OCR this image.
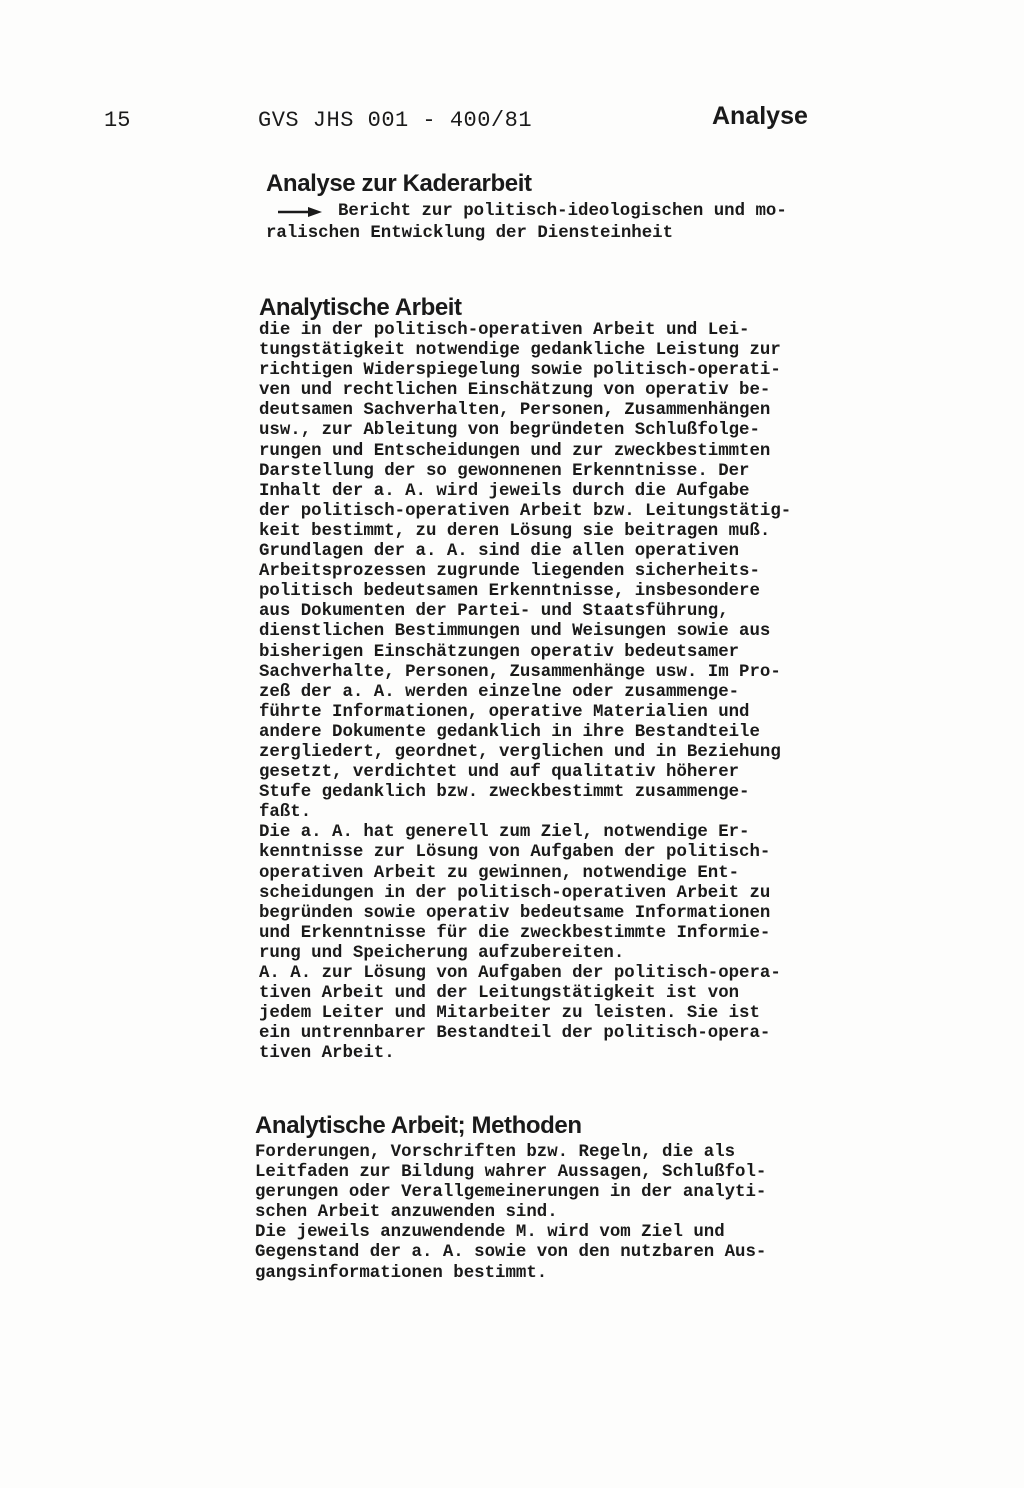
15	GVS JHS 001 - 400/81	Analyse
Analyse zur Kaderarbeit
Bericht zur politisch-ideologischen und mo-
ralischen Entwicklung der Diensteinheit
Analytische Arbeit

die in der politisch-operativen Arbeit und Lei-
tungstätigkeit notwendige gedankliche Leistung zur
richtigen Widerspiegelung sowie politisch-operati-
ven und rechtlichen Einschätzung von operativ be-
deutsamen Sachverhalten, Personen, Zusammenhängen
usw., zur Ableitung von begründeten Schlußfolge-
rungen und Entscheidungen und zur zweckbestimmten
Darstellung der so gewonnenen Erkenntnisse. Der
Inhalt der a. A. wird jeweils durch die Aufgabe
der politisch-operativen Arbeit bzw. Leitungstätig-
keit bestimmt, zu deren Lösung sie beitragen muß.
Grundlagen der a. A. sind die allen operativen
Arbeitsprozessen zugrunde liegenden sicherheits-
politisch bedeutsamen Erkenntnisse, insbesondere
aus Dokumenten der Partei- und Staatsführung,
dienstlichen Bestimmungen und Weisungen sowie aus
bisherigen Einschätzungen operativ bedeutsamer
Sachverhalte, Personen, Zusammenhänge usw. Im Pro-
zeß der a. A. werden einzelne oder zusammenge-
führte Informationen, operative Materialien und
andere Dokumente gedanklich in ihre Bestandteile
zergliedert, geordnet, verglichen und in Beziehung
gesetzt, verdichtet und auf qualitativ höherer
Stufe gedanklich bzw. zweckbestimmt zusammenge-
faßt.
Die a. A. hat generell zum Ziel, notwendige Er-
kenntnisse zur Lösung von Aufgaben der politisch-
operativen Arbeit zu gewinnen, notwendige Ent-
scheidungen in der politisch-operativen Arbeit zu
begründen sowie operativ bedeutsame Informationen
und Erkenntnisse für die zweckbestimmte Informie-
rung und Speicherung aufzubereiten.
A. A. zur Lösung von Aufgaben der politisch-opera-
tiven Arbeit und der Leitungstätigkeit ist von
jedem Leiter und Mitarbeiter zu leisten. Sie ist
ein untrennbarer Bestandteil der politisch-opera-
tiven Arbeit.

Analytische Arbeit; Methoden

Forderungen, Vorschriften bzw. Regeln, die als
Leitfaden zur Bildung wahrer Aussagen, Schlußfol-
gerungen oder Verallgemeinerungen in der analyti-
schen Arbeit anzuwenden sind.
Die jeweils anzuwendende M. wird vom Ziel und
Gegenstand der a. A. sowie von den nutzbaren Aus-
gangsinformationen bestimmt.
